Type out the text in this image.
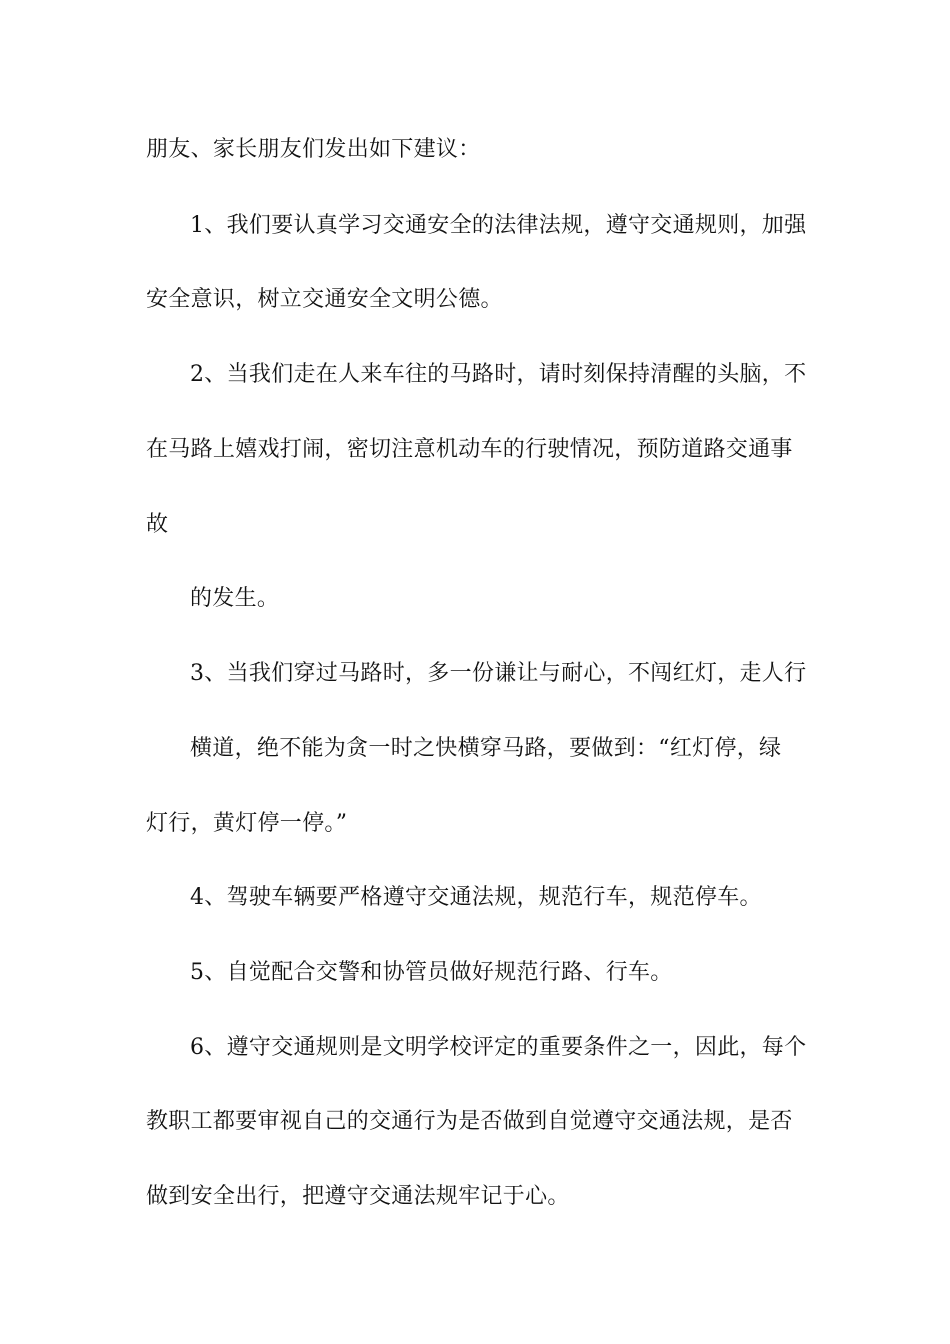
朋友、家长朋友们发出如下建议：

1、我们要认真学习交通安全的法律法规，遵守交通规则，加强

安全意识，树立交通安全文明公德。

2、当我们走在人来车往的马路时，请时刻保持清醒的头脑，不

在马路上嬉戏打闹，密切注意机动车的行驶情况，预防道路交通事

故

的发生。

3、当我们穿过马路时，多一份谦让与耐心，不闯红灯，走人行

横道，绝不能为贪一时之快横穿马路，要做到：“红灯停，绿

灯行，黄灯停一停。”

4、驾驶车辆要严格遵守交通法规，规范行车，规范停车。

5、自觉配合交警和协管员做好规范行路、行车。

6、遵守交通规则是文明学校评定的重要条件之一，因此，每个

教职工都要审视自己的交通行为是否做到自觉遵守交通法规，是否

做到安全出行，把遵守交通法规牢记于心。
